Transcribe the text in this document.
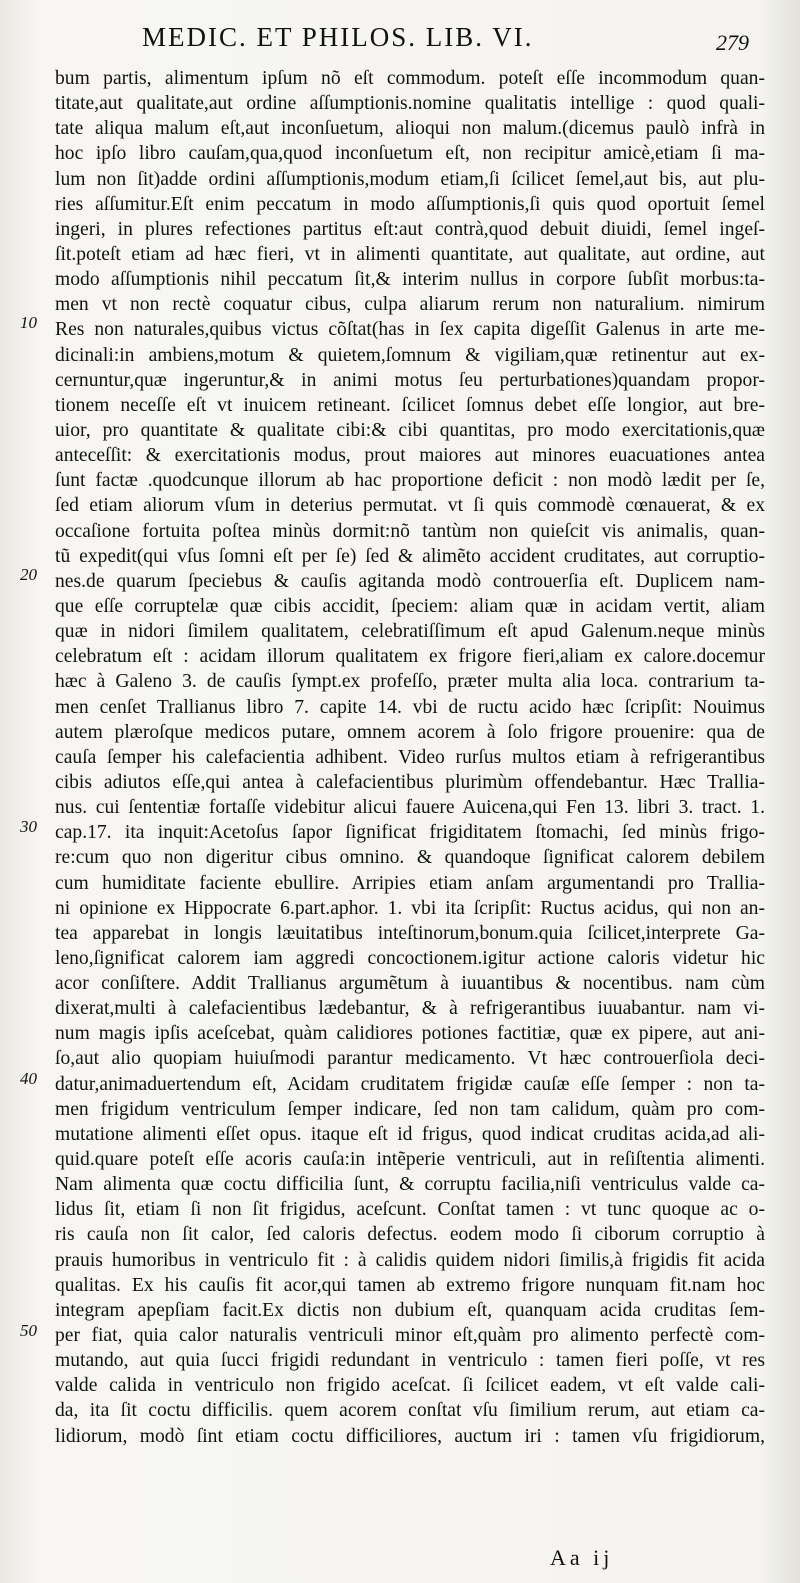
MEDIC. ET PHILOS. LIB. VI.	279
bum partis, alimentum ipſum nõ eſt commodum. poteſt eſſe incommodum quan-
titate,aut qualitate,aut ordine aſſumptionis.nomine qualitatis intellige : quod quali-
tate aliqua malum eſt,aut inconſuetum, alioqui non malum.(dicemus paulò infrà in
hoc ipſo libro cauſam,qua,quod inconſuetum eſt, non recipitur amicè,etiam ſi ma-
lum non ſit)adde ordini aſſumptionis,modum etiam,ſi ſcilicet ſemel,aut bis, aut plu-
ries aſſumitur.Eſt enim peccatum in modo aſſumptionis,ſi quis quod oportuit ſemel
ingeri, in plures refectiones partitus eſt:aut contrà,quod debuit diuidi, ſemel ingeſ-
ſit.poteſt etiam ad hæc fieri, vt in alimenti quantitate, aut qualitate, aut ordine, aut
modo aſſumptionis nihil peccatum ſit,& interim nullus in corpore ſubſit morbus:ta-
men vt non rectè coquatur cibus, culpa aliarum rerum non naturalium. nimirum
Res non naturales,quibus victus cõſtat(has in ſex capita digeſſit Galenus in arte me-
dicinali:in ambiens,motum & quietem,ſomnum & vigiliam,quæ retinentur aut ex-
cernuntur,quæ ingeruntur,& in animi motus ſeu perturbationes)quandam propor-
tionem neceſſe eſt vt inuicem retineant. ſcilicet ſomnus debet eſſe longior, aut bre-
uior, pro quantitate & qualitate cibi:& cibi quantitas, pro modo exercitationis,quæ
anteceſſit: & exercitationis modus, prout maiores aut minores euacuationes antea
ſunt factæ .quodcunque illorum ab hac proportione deficit : non modò lædit per ſe,
ſed etiam aliorum vſum in deterius permutat. vt ſi quis commodè cœnauerat, & ex
occaſione fortuita poſtea minùs dormit:nõ tantùm non quieſcit vis animalis, quan-
tũ expedit(qui vſus ſomni eſt per ſe) ſed & alimẽto accident cruditates, aut corruptio-
nes.de quarum ſpeciebus & cauſis agitanda modò controuerſia eſt. Duplicem nam-
que eſſe corruptelæ quæ cibis accidit, ſpeciem: aliam quæ in acidam vertit, aliam
quæ in nidori ſimilem qualitatem, celebratiſſimum eſt apud Galenum.neque minùs
celebratum eſt : acidam illorum qualitatem ex frigore fieri,aliam ex calore.docemur
hæc à Galeno 3. de cauſis ſympt.ex profeſſo, præter multa alia loca. contrarium ta-
men cenſet Trallianus libro 7. capite 14. vbi de ructu acido hæc ſcripſit: Nouimus
autem plæroſque medicos putare, omnem acorem à ſolo frigore prouenire: qua de
cauſa ſemper his calefacientia adhibent. Video rurſus multos etiam à refrigerantibus
cibis adiutos eſſe,qui antea à calefacientibus plurimùm offendebantur. Hæc Tralliа-
nus. cui ſententiæ fortaſſe videbitur alicui fauere Auicena,qui Fen 13. libri 3. tract. 1.
cap.17. ita inquit:Acetoſus ſapor ſignificat frigiditatem ſtomachi, ſed minùs frigo-
re:cum quo non digeritur cibus omnino. & quandoque ſignificat calorem debilem
cum humiditate faciente ebullire. Arripies etiam anſam argumentandi pro Tralliа-
ni opinione ex Hippocrate 6.part.aphor. 1. vbi ita ſcripſit: Ructus acidus, qui non an-
tea apparebat in longis læuitatibus inteſtinorum,bonum.quia ſcilicet,interprete Ga-
leno,ſignificat calorem iam aggredi concoctionem.igitur actione caloris videtur hic
acor conſiſtere. Addit Trallianus argumẽtum à iuuantibus & nocentibus. nam cùm
dixerat,multi à calefacientibus lædebantur, & à refrigerantibus iuuabantur. nam vi-
num magis ipſis aceſcebat, quàm calidiores potiones factitiæ, quæ ex pipere, aut ani-
ſo,aut alio quopiam huiuſmodi parantur medicamento. Vt hæc controuerſiola deci-
datur,animaduertendum eſt, Acidam cruditatem frigidæ cauſæ eſſe ſemper : non ta-
men frigidum ventriculum ſemper indicare, ſed non tam calidum, quàm pro com-
mutatione alimenti eſſet opus. itaque eſt id frigus, quod indicat cruditas acida,ad ali-
quid.quare poteſt eſſe acoris cauſa:in intẽperie ventriculi, aut in reſiſtentia alimenti.
Nam alimenta quæ coctu difficilia ſunt, & corruptu facilia,niſi ventriculus valde ca-
lidus ſit, etiam ſi non ſit frigidus, aceſcunt. Conſtat tamen : vt tunc quoque ac o-
ris cauſa non ſit calor, ſed caloris defectus. eodem modo ſi ciborum corruptio à
prauis humoribus in ventriculo fit : à calidis quidem nidori ſimilis,à frigidis fit acida
qualitas. Ex his cauſis fit acor,qui tamen ab extremo frigore nunquam fit.nam hoc
integram apepſiam facit.Ex dictis non dubium eſt, quanquam acida cruditas ſem-
per fiat, quia calor naturalis ventriculi minor eſt,quàm pro alimento perfectè com-
mutando, aut quia ſucci frigidi redundant in ventriculo : tamen fieri poſſe, vt res
valde calida in ventriculo non frigido aceſcat. ſi ſcilicet eadem, vt eſt valde cali-
da, ita ſit coctu difficilis. quem acorem conſtat vſu ſimilium rerum, aut etiam ca-
lidiorum, modò ſint etiam coctu difficiliores, auctum iri : tamen vſu frigidiorum,
10
20
30
40
50
Aa ij
